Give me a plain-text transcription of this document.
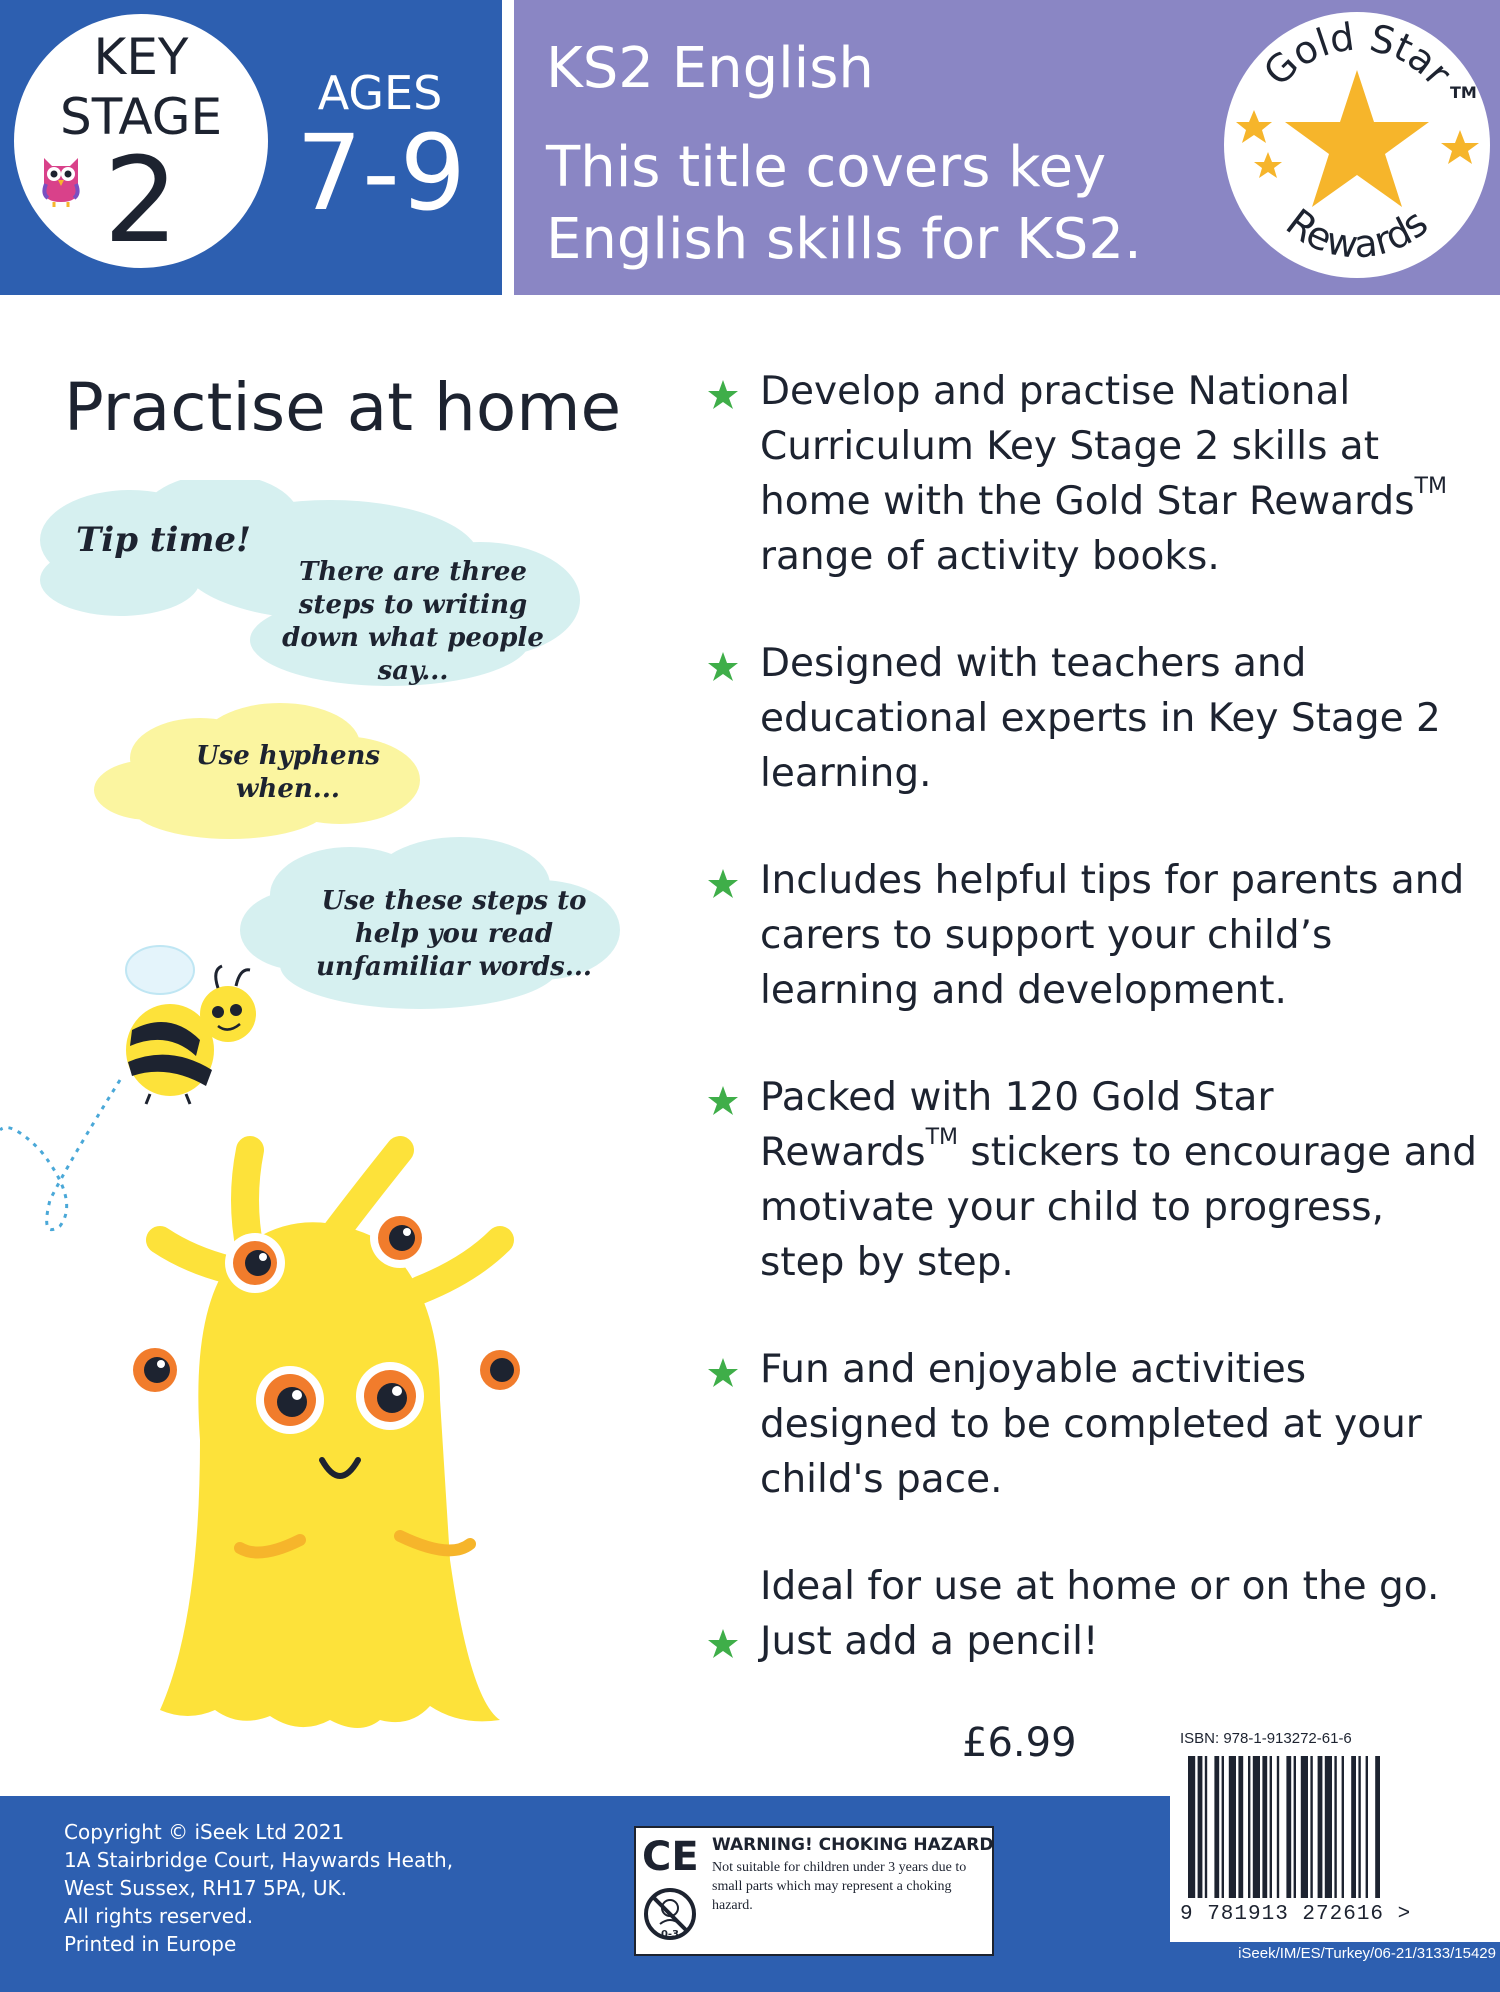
KEY
STAGE
2
AGES
7-9
KS2 English
This title covers key
English skills for KS2.
Gold Star
Rewards
TM
Practise at home
Tip time!
There are three steps to writing down what people say...
Use hyphens when...
Use these steps to help you read unfamiliar words...
Develop and practise National Curriculum Key Stage 2 skills at home with the Gold Star Rewards™ range of activity books.
Designed with teachers and educational experts in Key Stage 2 learning.
Includes helpful tips for parents and carers to support your child’s learning and development.
Packed with 120 Gold Star Rewards™ stickers to encourage and motivate your child to progress, step by step.
Fun and enjoyable activities designed to be completed at your child's pace.
Ideal for use at home or on the go. Just add a pencil!
£6.99
Copyright © iSeek Ltd 2021
1A Stairbridge Court, Haywards Heath,
West Sussex, RH17 5PA, UK.
All rights reserved.
Printed in Europe
CE
0-3
WARNING! CHOKING HAZARD
Not suitable for children under 3 years due to small parts which may represent a choking hazard.
ISBN: 978-1-913272-61-6
9 781913 272616 >
iSeek/IM/ES/Turkey/06-21/3133/15429
